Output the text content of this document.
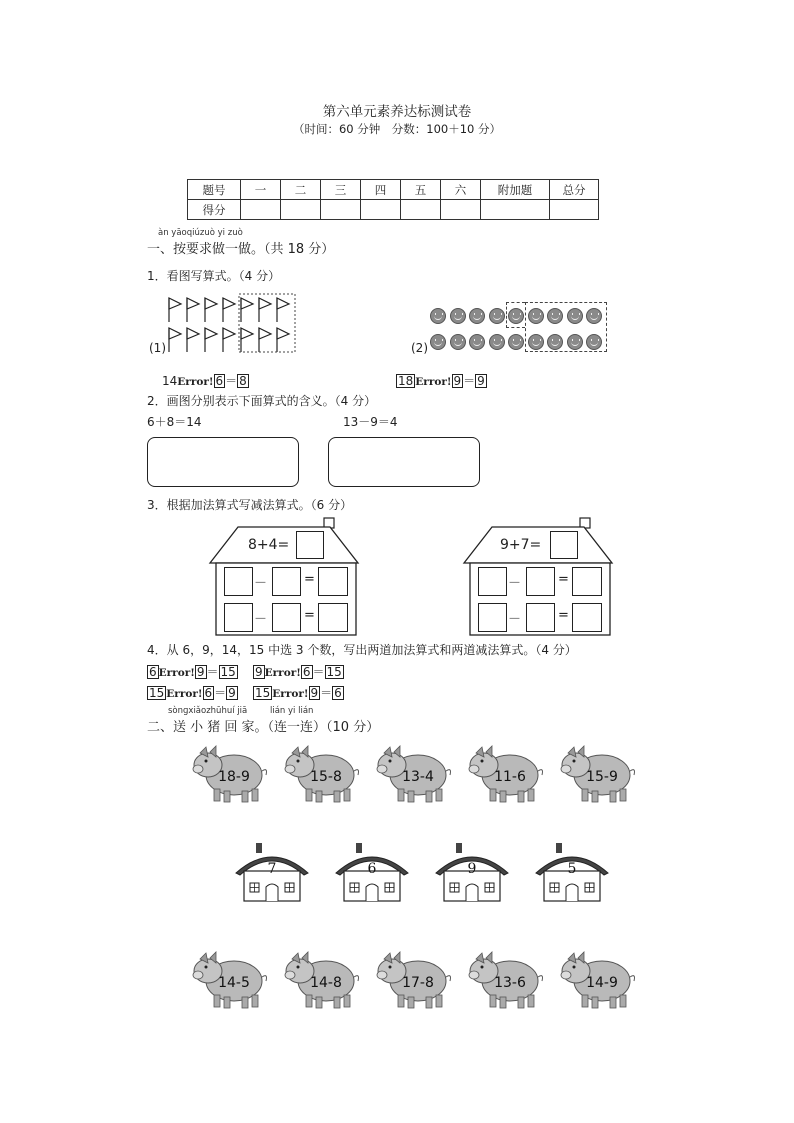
第六单元素养达标测试卷
（时间：60 分钟　分数：100＋10 分）
题号	一	二	三	四	五	六	附加题	总分
得分								
àn yāoqiúzuò yi zuò
一、按要求做一做。（共 18 分）
1．看图写算式。（4 分）
(1)	(2)
14Error! 6 ＝ 8	18 Error! 9 ＝ 9
2．画图分别表示下面算式的含义。（4 分）
6＋8＝14	13－9＝4
3．根据加法算式写减法算式。（6 分）
8+4=
－	=
－	=
9+7=
－	=
－	=
4．从 6，9，14，15 中选 3 个数，写出两道加法算式和两道减法算式。（4 分）
6 Error! 9 ＝ 15 9 Error! 6 ＝ 15
15 Error! 6 ＝ 9 15 Error! 9 ＝ 6
sònɡxiǎozhūhuí jiā	lián yi lián
二、送 小 猪 回 家。（连一连）（10 分）
18-9	15-8	13-4	11-6	15-9
7	6	9	5
14-5	14-8	17-8	13-6	14-9
